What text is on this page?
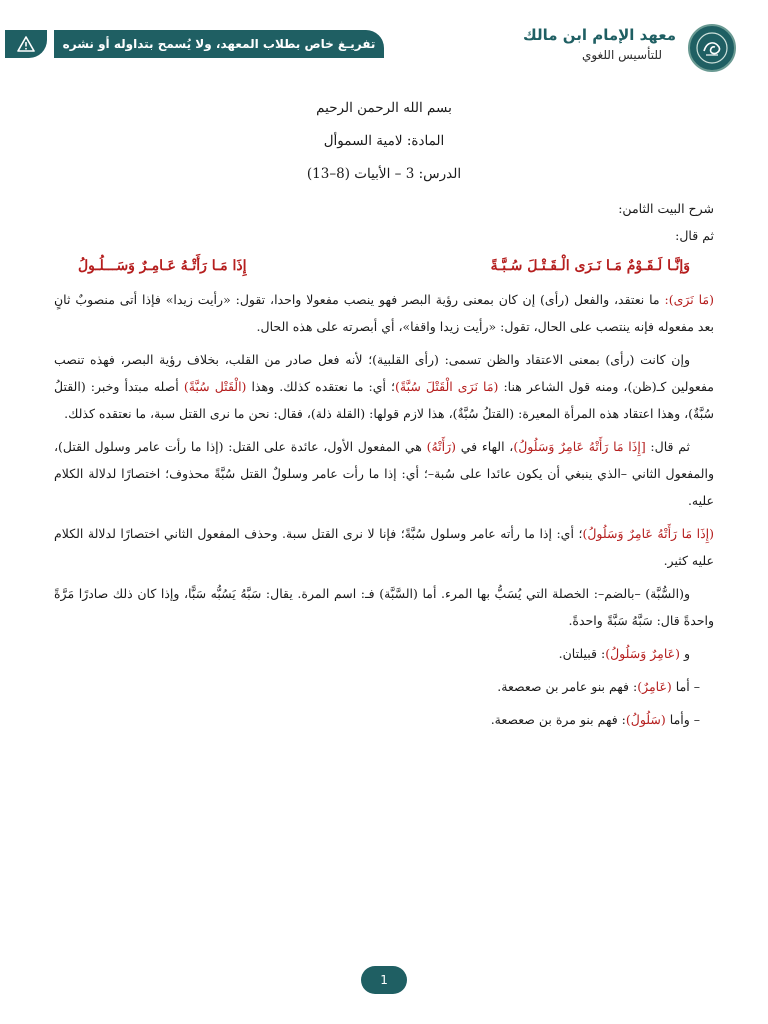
معهد الإمام ابن مالك
للتأسيس اللغوي
تفريـغ خاص بطلاب المعهد، ولا يُسمح بتداوله أو نشره
بسم الله الرحمن الرحيم
المادة: لامية السموأل
الدرس: 3 – الأبيات (8–13)
شرح البيت الثامن:
ثم قال:
وَإنَّـا لَـقَـوْمٌ مَـا نَـرَى الْـقَـتْـلَ سُـبَّـةً
إِذَا مَـا رَأَتْـهُ عَـامِـرٌ وَسَـــلُـولُ

(مَا نَرَى): ما نعتقد، والفعل (رأى) إن كان بمعنى رؤية البصر فهو ينصب مفعولا واحدا، تقول: «رأيت زيدا» فإذا أتى منصوبٌ ثانٍ بعد مفعوله فإنه ينتصب على الحال، تقول: «رأيت زيدا واقفا»، أي أبصرته على هذه الحال.

وإن كانت (رأى) بمعنى الاعتقاد والظن تسمى: (رأى القلبية)؛ لأنه فعل صادر من القلب، بخلاف رؤية البصر، فهذه تنصب مفعولين كـ(ظن)، ومنه قول الشاعر هنا: (مَا نَرَى الْقَتْلَ سُبَّةً)؛ أي: ما نعتقده كذلك. وهذا (الْقَتْل سُبَّةً) أصله مبتدأ وخبر: (القتلُ سُبَّةٌ)، وهذا اعتقاد هذه المرأة المعيرة: (القتلُ سُبَّةٌ)، هذا لازم قولها: (القلة ذلة)، فقال: نحن ما نرى القتل سبة، ما نعتقده كذلك.

ثم قال: [إِذَا مَا رَأَتْهُ عَامِرٌ وَسَلُولُ)، الهاء في (رَأَتْهُ) هي المفعول الأول، عائدة على القتل: (إذا ما رأت عامر وسلول القتل)، والمفعول الثاني –الذي ينبغي أن يكون عائدا على سُبة–؛ أي: إذا ما رأت عامر وسلولٌ القتل سُبَّةً محذوف؛ اختصارًا لدلالة الكلام عليه.

(إِذَا مَا رَأَتْهُ عَامِرٌ وَسَلُولُ)؛ أي: إذا ما رأته عامر وسلول سُبَّةً؛ فإنا لا نرى القتل سبة. وحذف المفعول الثاني اختصارًا لدلالة الكلام عليه كثير.

و(السُّبَّة) –بالضم–: الخصلة التي يُسَبُّ بها المرء. أما (السَّبَّة) فـ: اسم المرة. يقال: سَبَّهُ يَسُبُّه سَبًّا، وإذا كان ذلك صادرًا مَرَّةً واحدةً قال: سَبَّهُ سَبَّةً واحدةً.

و (عَامِرٌ وَسَلُولُ): قبيلتان.

– أما (عَامِرٌ): فهم بنو عامر بن صعصعة.

– وأما (سَلُولُ): فهم بنو مرة بن صعصعة.

1
